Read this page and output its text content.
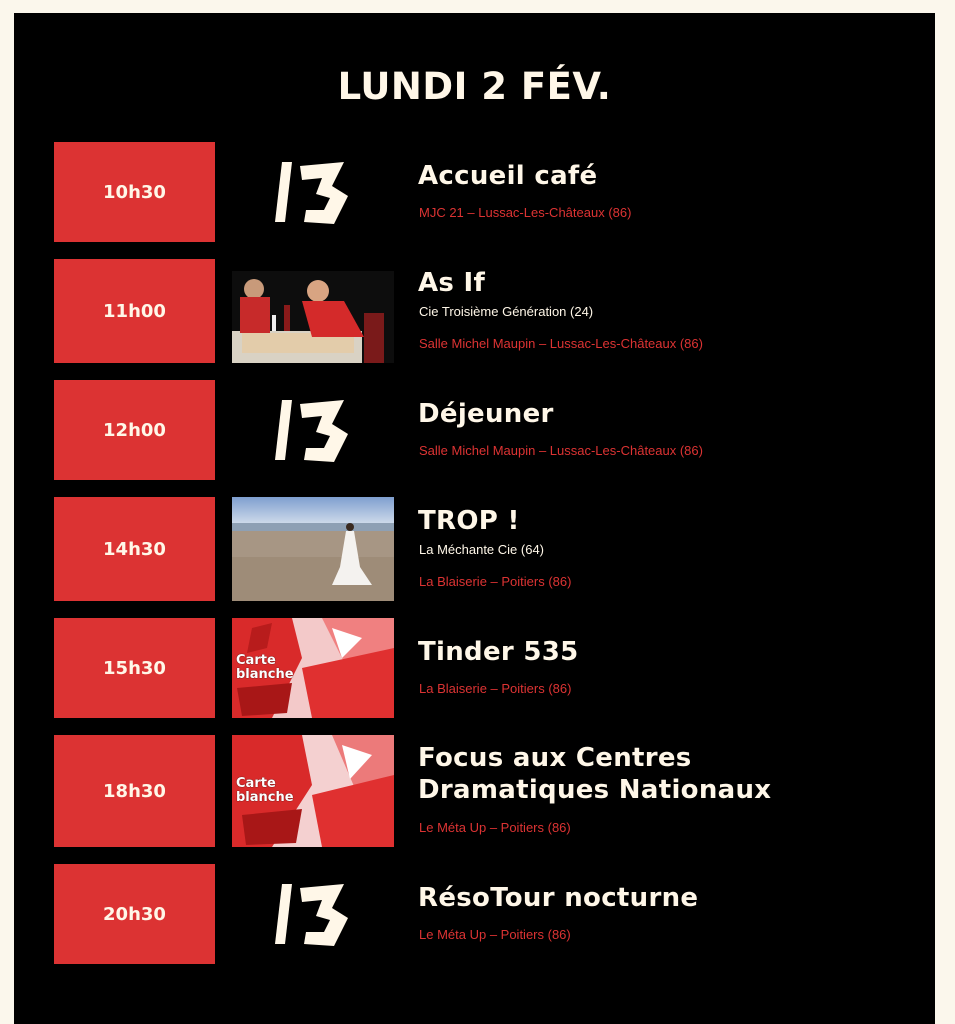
LUNDI 2 FÉV.
10h30
Accueil café
MJC 21 – Lussac-Les-Châteaux (86)
11h00
As If
Cie Troisième Génération (24)
Salle Michel Maupin – Lussac-Les-Châteaux (86)
12h00
Déjeuner
Salle Michel Maupin – Lussac-Les-Châteaux (86)
14h30
TROP !
La Méchante Cie (64)
La Blaiserie – Poitiers (86)
15h30	Carte
blanche
Tinder 535
La Blaiserie – Poitiers (86)
18h30	Carte
blanche
Focus aux Centres
Dramatiques Nationaux
Le Méta Up – Poitiers (86)
20h30
RésoTour nocturne
Le Méta Up – Poitiers (86)
